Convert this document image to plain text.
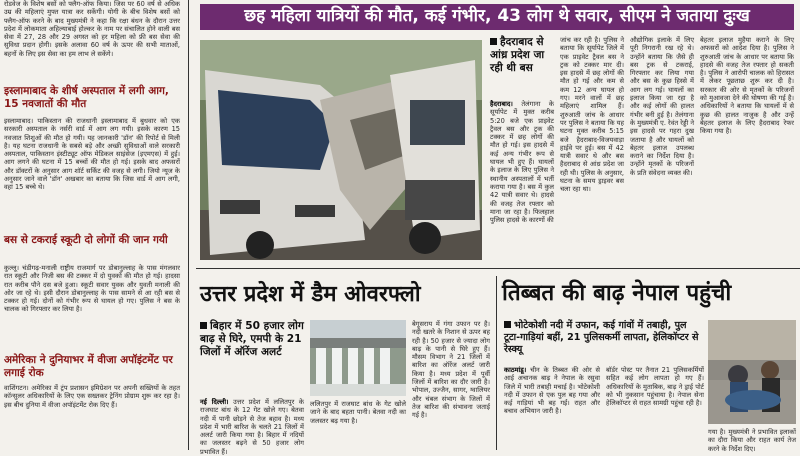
रोडवेज के विशेष बसों को फ्लैग-ऑफ किया। जिस पर 60 वर्ष से अधिक उम्र की महिलाएं मुफ्त यात्रा कर सकेंगी। योगी के बीच विशेष बसों को फ्लैग-ऑफ करने के बाद मुख्यमंत्री ने कहा कि रक्षा बंधन के दौरान उत्तर प्रदेश में लोकमाता अहिल्याबाई होल्कर के नाम पर संचालित होने वाली बस सेवा में 27, 28 और 29 अगस्त को हर महिला को फ्री बस सेवा की सुविधा प्रदान होगी। इसके अलावा 60 वर्ष के ऊपर की सभी माताओं, बहनों के लिए इस सेवा का हम लाभ ले सकेंगे।
इस्लामाबाद के शीर्ष अस्पताल में लगी आग, 15 नवजातों की मौत
इस्लामाबाद। पाकिस्तान की राजधानी इस्लामाबाद में बुधवार को एक सरकारी अस्पताल के नर्सरी वार्ड में आग लग गयी। इसके कारण 15 नवजात शिशुओं की मौत हो गयी। यह जानकारी 'डॉन' की रिपोर्ट से मिली है। यह घटना राजधानी के सबसे बड़े और अच्छी सुविधाओं वाले सरकारी अस्पताल, पाकिस्तान इंस्टीट्यूट ऑफ मेडिकल साइंसेज (इएमएस) में हुई। आग लगने की घटना में 15 बच्चों की मौत हो गई। इसके बाद अफसरों और डॉक्टरों के अनुसार आग शॉर्ट सर्किट की वजह से लगी। जियो न्यूज के अनुसार जाने वाले 'डॉन' अखबार का बताया कि जिस वार्ड में आग लगी, वहां 15 बच्चे थे।
बस से टकराई स्कूटी दो लोगों की जान गयी
कुल्लू। चंडीगढ़-मनाली राष्ट्रीय राजमार्ग पर डोबानुल्लाह के पास मंगलवार रात स्कूटी और निजी बस की टक्कर में दो युवकों की मौत हो गई। हादसा रात करीब पौने दस बजे हुआ। स्कूटी सवार युवक और युवती मनाली की ओर जा रहे थे। इसी दौरान डोबानुल्लाह के पास सामने से आ रही बस से टक्कर हो गई। दोनों को गंभीर रूप से घायल हो गए। पुलिस ने बस के चालक को गिरफ्तार कर लिया है।
अमेरिका ने दुनियाभर में वीजा अपॉइंटमेंट पर लगाई रोक
वाशिंगटन। अमेरिका में ट्रंप प्रशासन इमिग्रेशन पर अपनी सख्तियों के तहत कॉन्सुलर अधिकारियों के लिए एक सख्तकर ट्रेनिंग प्रोग्राम शुरू कर रहा है। इस बीच दुनिया में वीजा अपॉइंटमेंट रोक दिए हैं।
छह महिला यात्रियों की मौत, कई गंभीर, 43 लोग थे सवार, सीएम ने जताया दुःख
हैदराबाद से आंध्र प्रदेश जा रही थी बस
हैदराबाद। तेलंगाना के सूर्यापेट में मुक्त करीब 5:20 बजे एक प्राइवेट ट्रैवल बस और ट्रक की टक्कर में छह लोगों की मौत हो गई। इस हादसे में कई अन्य गंभीर रूप से घायल भी हुए हैं। घायलों के इलाज के लिए पुलिस ने स्थानीय अस्पतालों में भर्ती कराया गया है। बस में कुल 42 यात्री सवार थे। हादसे की वजह तेज रफ्तार को माना जा रहा है। फिलहाल पुलिस हादसे के कारणों की
जांच कर रही है। पुलिस ने बताया कि सूर्यापेट जिले में एक प्राइवेट ट्रैवल बस ने ट्रक को टक्कर मार दी। इस हादसे में छह लोगों की मौत हो गई और कम से कम 12 अन्य घायल हो गए। मरने वालों में छह महिलाएं शामिल हैं। शुरुआती जांच के आधार पर पुलिस ने बताया कि यह घटना मुक्त करीब 5:15 बजे हैदराबाद-विजयवाड़ा हाईवे पर हुई। बस में 42 यात्री सवार थे और बस हैदराबाद से आंध्र प्रदेश जा रही थी। पुलिस के अनुसार, घटना के समय ड्राइवर बस चला रहा था।
औद्योगिक इलाके में लिए पूरी निगरानी रख रहे थे। उन्होंने बताया कि जैसे ही बस ट्रक से टकराई, गिरफ्तार कर लिया गया और बस के कुछ हिस्से में आग लग गई। घायलों का इलाज किया जा रहा है और कई लोगों की हालत गंभीर बनी हुई है। तेलंगाना के मुख्यमंत्री ए. रेवंत रेड्डी ने इस हादसे पर गहरा दुख जताया है और घायलों को बेहतर इलाज उपलब्ध कराने का निर्देश दिया है। उन्होंने मृतकों के परिजनों के प्रति संवेदना व्यक्त की।
बेहतर इलाज मुहैया कराने के लिए अफसरों को आदेश दिया है। पुलिस ने शुरुआती जांच के आधार पर बताया कि हादसे की वजह तेज रफ्तार हो सकती है। पुलिस ने आरोपी चालक को हिरासत में लेकर पूछताछ शुरू कर दी है। सरकार की ओर से मृतकों के परिजनों को मुआवजा देने की घोषणा की गई है। अधिकारियों ने बताया कि घायलों में से कुछ की हालत नाजुक है और उन्हें बेहतर इलाज के लिए हैदराबाद रेफर किया गया है।
उत्तर प्रदेश में डैम ओवरफ्लो
बिहार में 50 हजार लोग बाढ़ से घिरे, एमपी के 21 जिलों में ऑरेंज अलर्ट
नई दिल्ली। उत्तर प्रदेश में ललितपुर के राजघाट बांध के 12 गेट खोले गए। बेतवा नदी में पानी छोड़ने से तेज बहाव है। मध्य प्रदेश में भारी बारिश के चलते 21 जिलों में अलर्ट जारी किया गया है। बिहार में नदियों का जलस्तर बढ़ने से 50 हजार लोग प्रभावित हैं।
ललितपुर में राजघाट बांध के गेट खोले जाने के बाद बहता पानी। बेतवा नदी का जलस्तर बढ़ गया है।
बेगूसराय में गंगा उफान पर है। नदी खतरे के निशान से ऊपर बह रही है। 50 हजार से ज्यादा लोग बाढ़ के पानी से घिरे हुए हैं। मौसम विभाग ने 21 जिलों में बारिश का ऑरेंज अलर्ट जारी किया है। मध्य प्रदेश में पूर्वी जिलों में बारिश का दौर जारी है। भोपाल, उज्जैन, सागर, ग्वालियर और चंबल संभाग के जिलों में तेज बारिश की संभावना जताई गई है।
तिब्बत की बाढ़ नेपाल पहुंची
भोटेकोशी नदी में उफान, कई गांवों में तबाही, पुल टूटा-गाड़ियां बहीं, 21 पुलिसकर्मी लापता, हेलिकॉप्टर से रेस्क्यू
काठमांडू। चीन के तिब्बत की ओर से आई अचानक बाढ़ ने नेपाल के रसुवा जिले में भारी तबाही मचाई है। भोटेकोशी नदी में उफान से एक पुल बह गया और कई गाड़ियां भी बह गईं। राहत और बचाव अभियान जारी है।
बॉर्डर पोस्ट पर तैनात 21 पुलिसकर्मियों सहित कई लोग लापता हो गए हैं। अधिकारियों के मुताबिक, बाढ़ ने ड्राई पोर्ट को भी नुकसान पहुंचाया है। नेपाल सेना हेलिकॉप्टर से राहत सामग्री पहुंचा रही है।
गया है। मुख्यमंत्री ने प्रभावित इलाकों का दौरा किया और राहत कार्य तेज करने के निर्देश दिए।
